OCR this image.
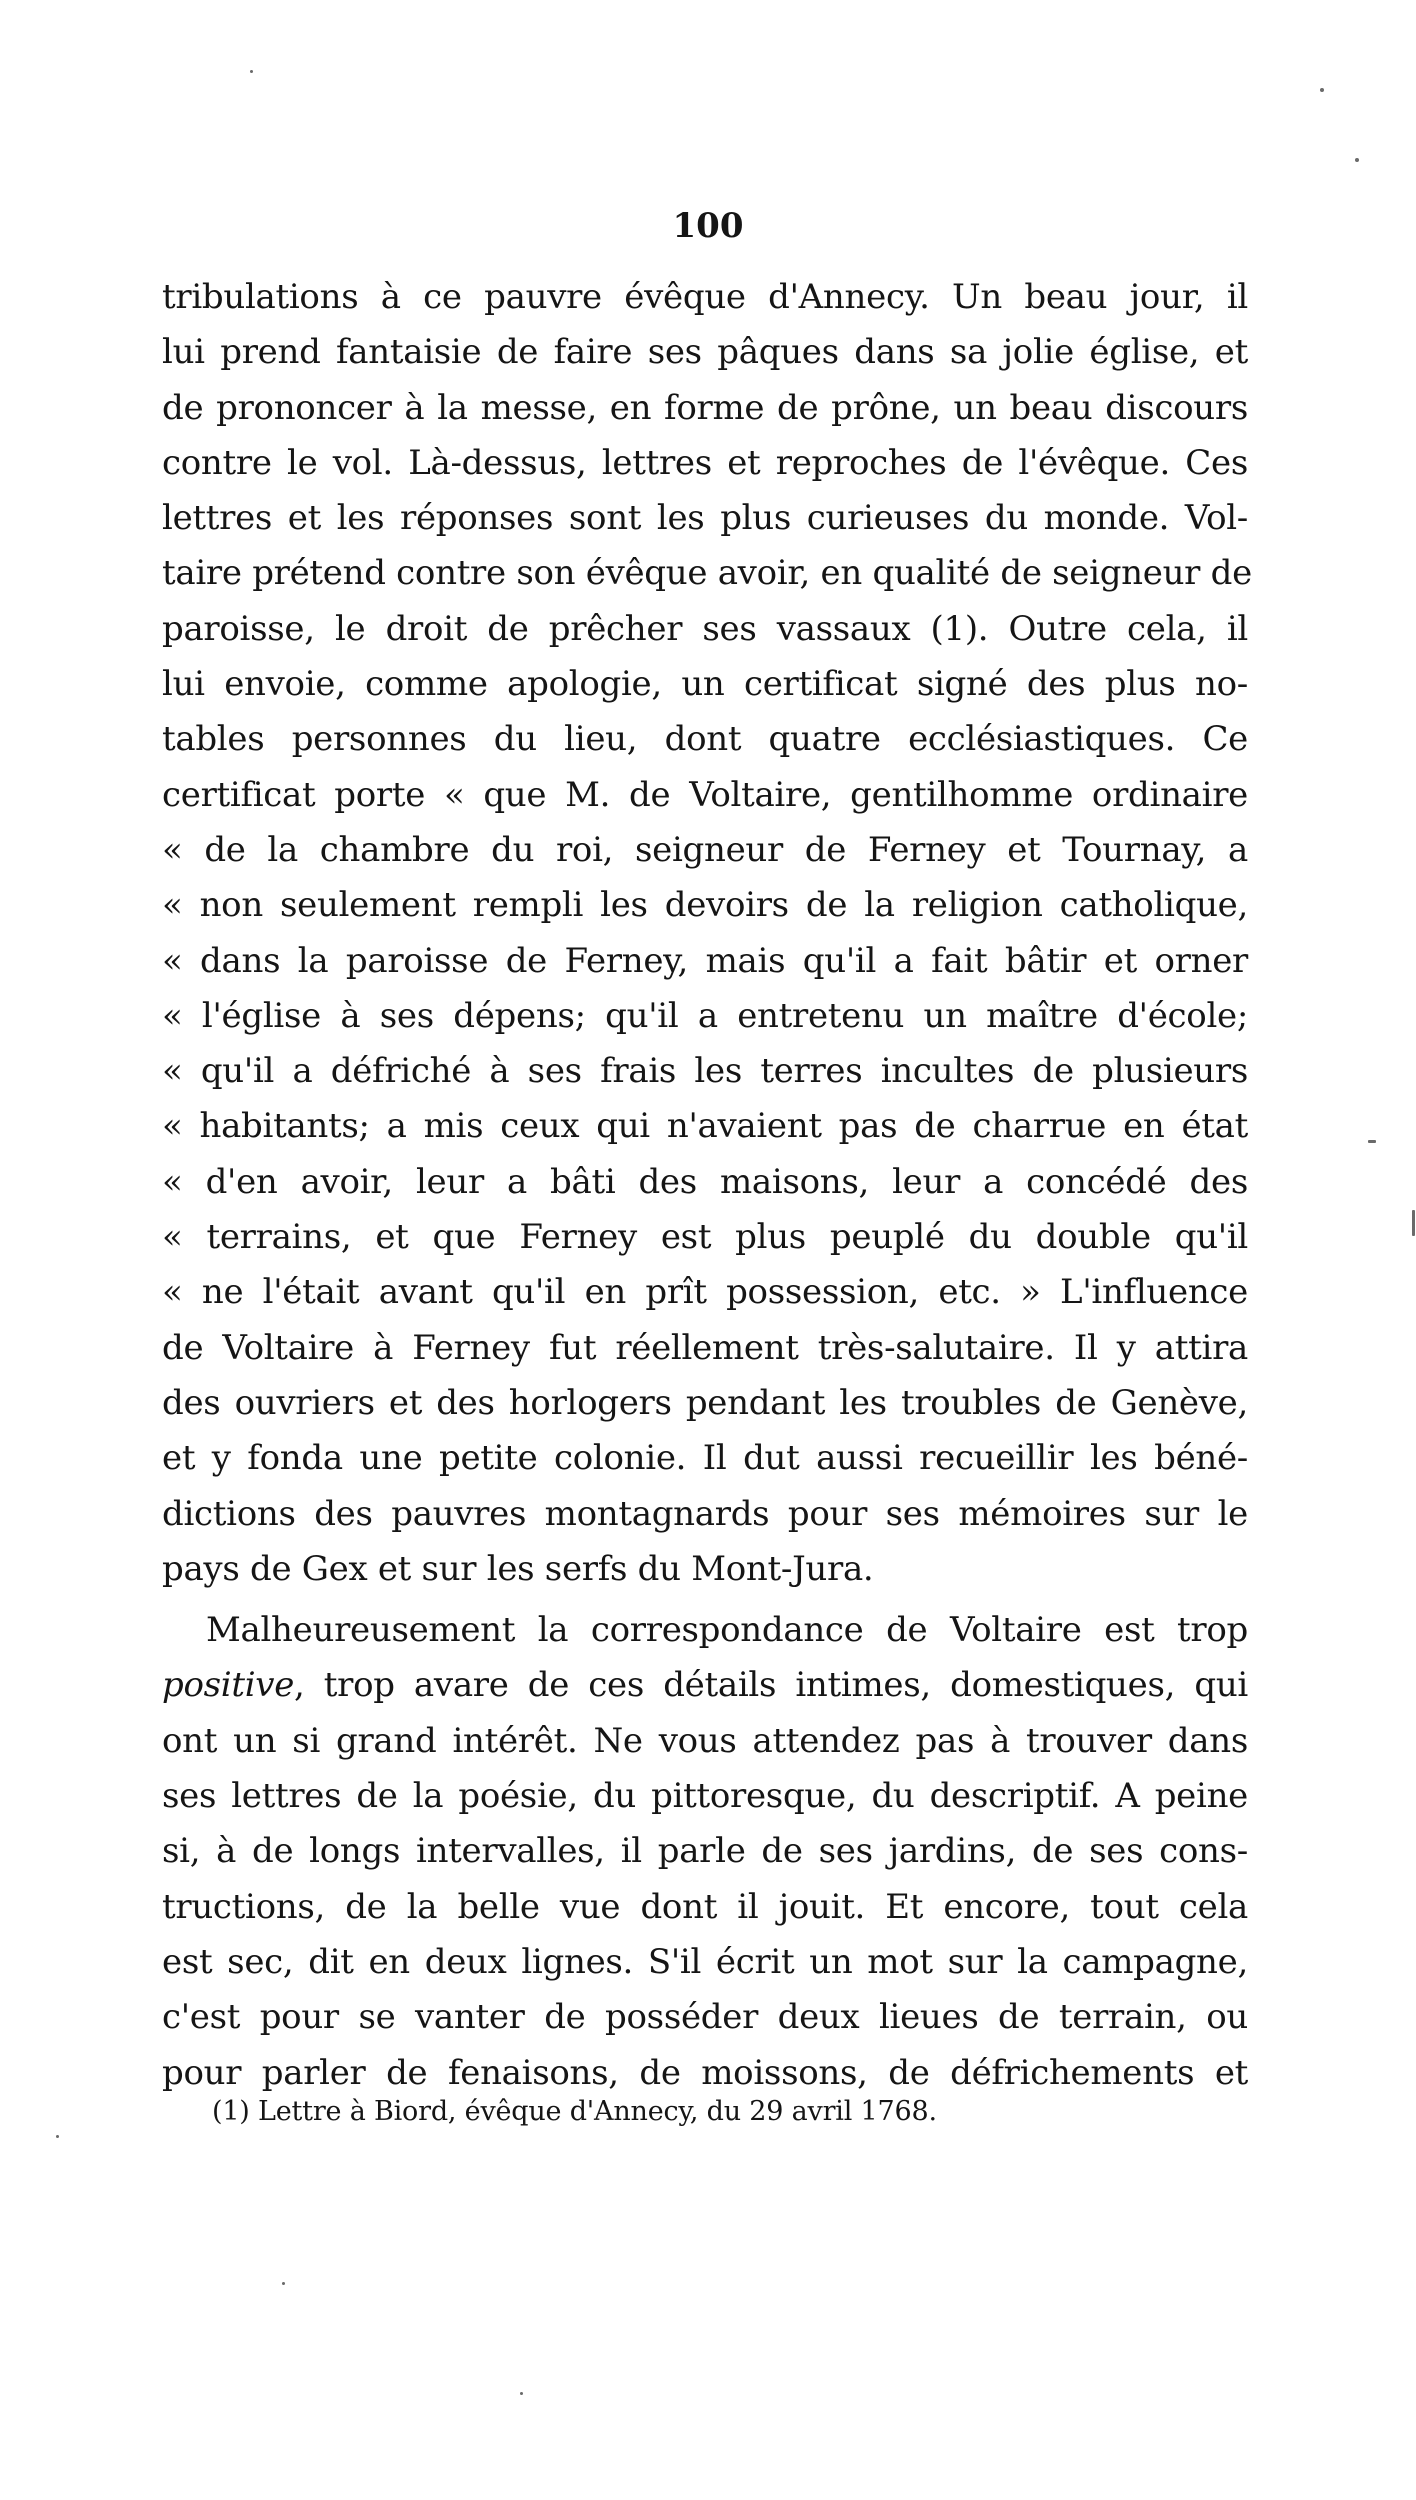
100
tribulations à ce pauvre évêque d'Annecy. Un beau jour, il
lui prend fantaisie de faire ses pâques dans sa jolie église, et
de prononcer à la messe, en forme de prône, un beau discours
contre le vol. Là-dessus, lettres et reproches de l'évêque. Ces
lettres et les réponses sont les plus curieuses du monde. Vol-
taire prétend contre son évêque avoir, en qualité de seigneur de
paroisse, le droit de prêcher ses vassaux (1). Outre cela, il
lui envoie, comme apologie, un certificat signé des plus no-
tables personnes du lieu, dont quatre ecclésiastiques. Ce
certificat porte « que M. de Voltaire, gentilhomme ordinaire
« de la chambre du roi, seigneur de Ferney et Tournay, a
« non seulement rempli les devoirs de la religion catholique,
« dans la paroisse de Ferney, mais qu'il a fait bâtir et orner
« l'église à ses dépens; qu'il a entretenu un maître d'école;
« qu'il a défriché à ses frais les terres incultes de plusieurs
« habitants; a mis ceux qui n'avaient pas de charrue en état
« d'en avoir, leur a bâti des maisons, leur a concédé des
« terrains, et que Ferney est plus peuplé du double qu'il
« ne l'était avant qu'il en prît possession, etc. » L'influence
de Voltaire à Ferney fut réellement très-salutaire. Il y attira
des ouvriers et des horlogers pendant les troubles de Genève,
et y fonda une petite colonie. Il dut aussi recueillir les béné-
dictions des pauvres montagnards pour ses mémoires sur le
pays de Gex et sur les serfs du Mont-Jura.
Malheureusement la correspondance de Voltaire est trop
positive, trop avare de ces détails intimes, domestiques, qui
ont un si grand intérêt. Ne vous attendez pas à trouver dans
ses lettres de la poésie, du pittoresque, du descriptif. A peine
si, à de longs intervalles, il parle de ses jardins, de ses cons-
tructions, de la belle vue dont il jouit. Et encore, tout cela
est sec, dit en deux lignes. S'il écrit un mot sur la campagne,
c'est pour se vanter de posséder deux lieues de terrain, ou
pour parler de fenaisons, de moissons, de défrichements et
(1) Lettre à Biord, évêque d'Annecy, du 29 avril 1768.
